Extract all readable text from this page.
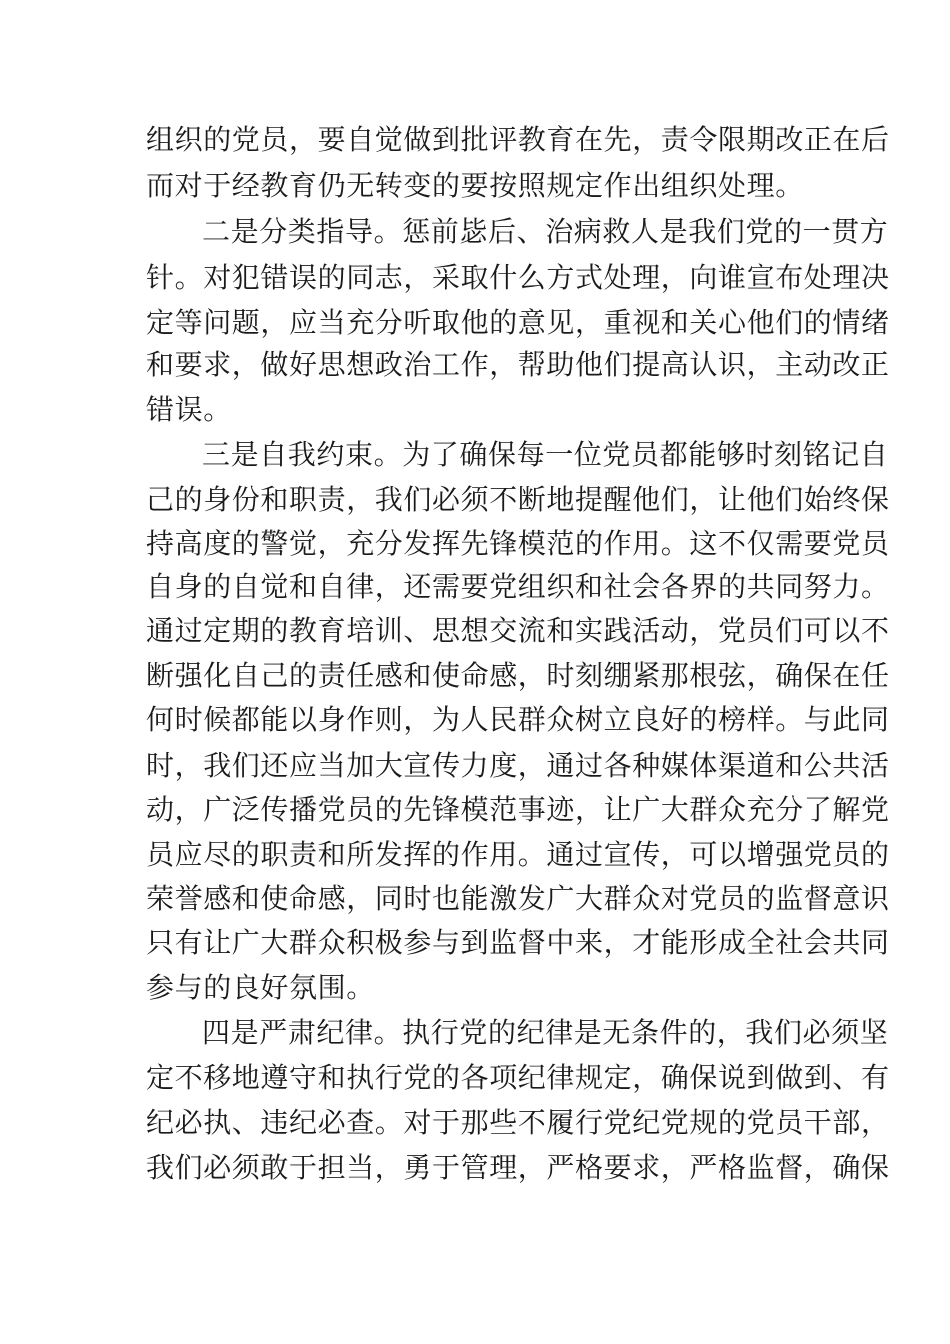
组织的党员，要自觉做到批评教育在先，责令限期改正在后
而对于经教育仍无转变的要按照规定作出组织处理。
二是分类指导。惩前毖后、治病救人是我们党的一贯方
针。对犯错误的同志，采取什么方式处理，向谁宣布处理决
定等问题，应当充分听取他的意见，重视和关心他们的情绪
和要求，做好思想政治工作，帮助他们提高认识，主动改正
错误。
三是自我约束。为了确保每一位党员都能够时刻铭记自
己的身份和职责，我们必须不断地提醒他们，让他们始终保
持高度的警觉，充分发挥先锋模范的作用。这不仅需要党员
自身的自觉和自律，还需要党组织和社会各界的共同努力。
通过定期的教育培训、思想交流和实践活动，党员们可以不
断强化自己的责任感和使命感，时刻绷紧那根弦，确保在任
何时候都能以身作则，为人民群众树立良好的榜样。与此同
时，我们还应当加大宣传力度，通过各种媒体渠道和公共活
动，广泛传播党员的先锋模范事迹，让广大群众充分了解党
员应尽的职责和所发挥的作用。通过宣传，可以增强党员的
荣誉感和使命感，同时也能激发广大群众对党员的监督意识
只有让广大群众积极参与到监督中来，才能形成全社会共同
参与的良好氛围。
四是严肃纪律。执行党的纪律是无条件的，我们必须坚
定不移地遵守和执行党的各项纪律规定，确保说到做到、有
纪必执、违纪必查。对于那些不履行党纪党规的党员干部，
我们必须敢于担当，勇于管理，严格要求，严格监督，确保
